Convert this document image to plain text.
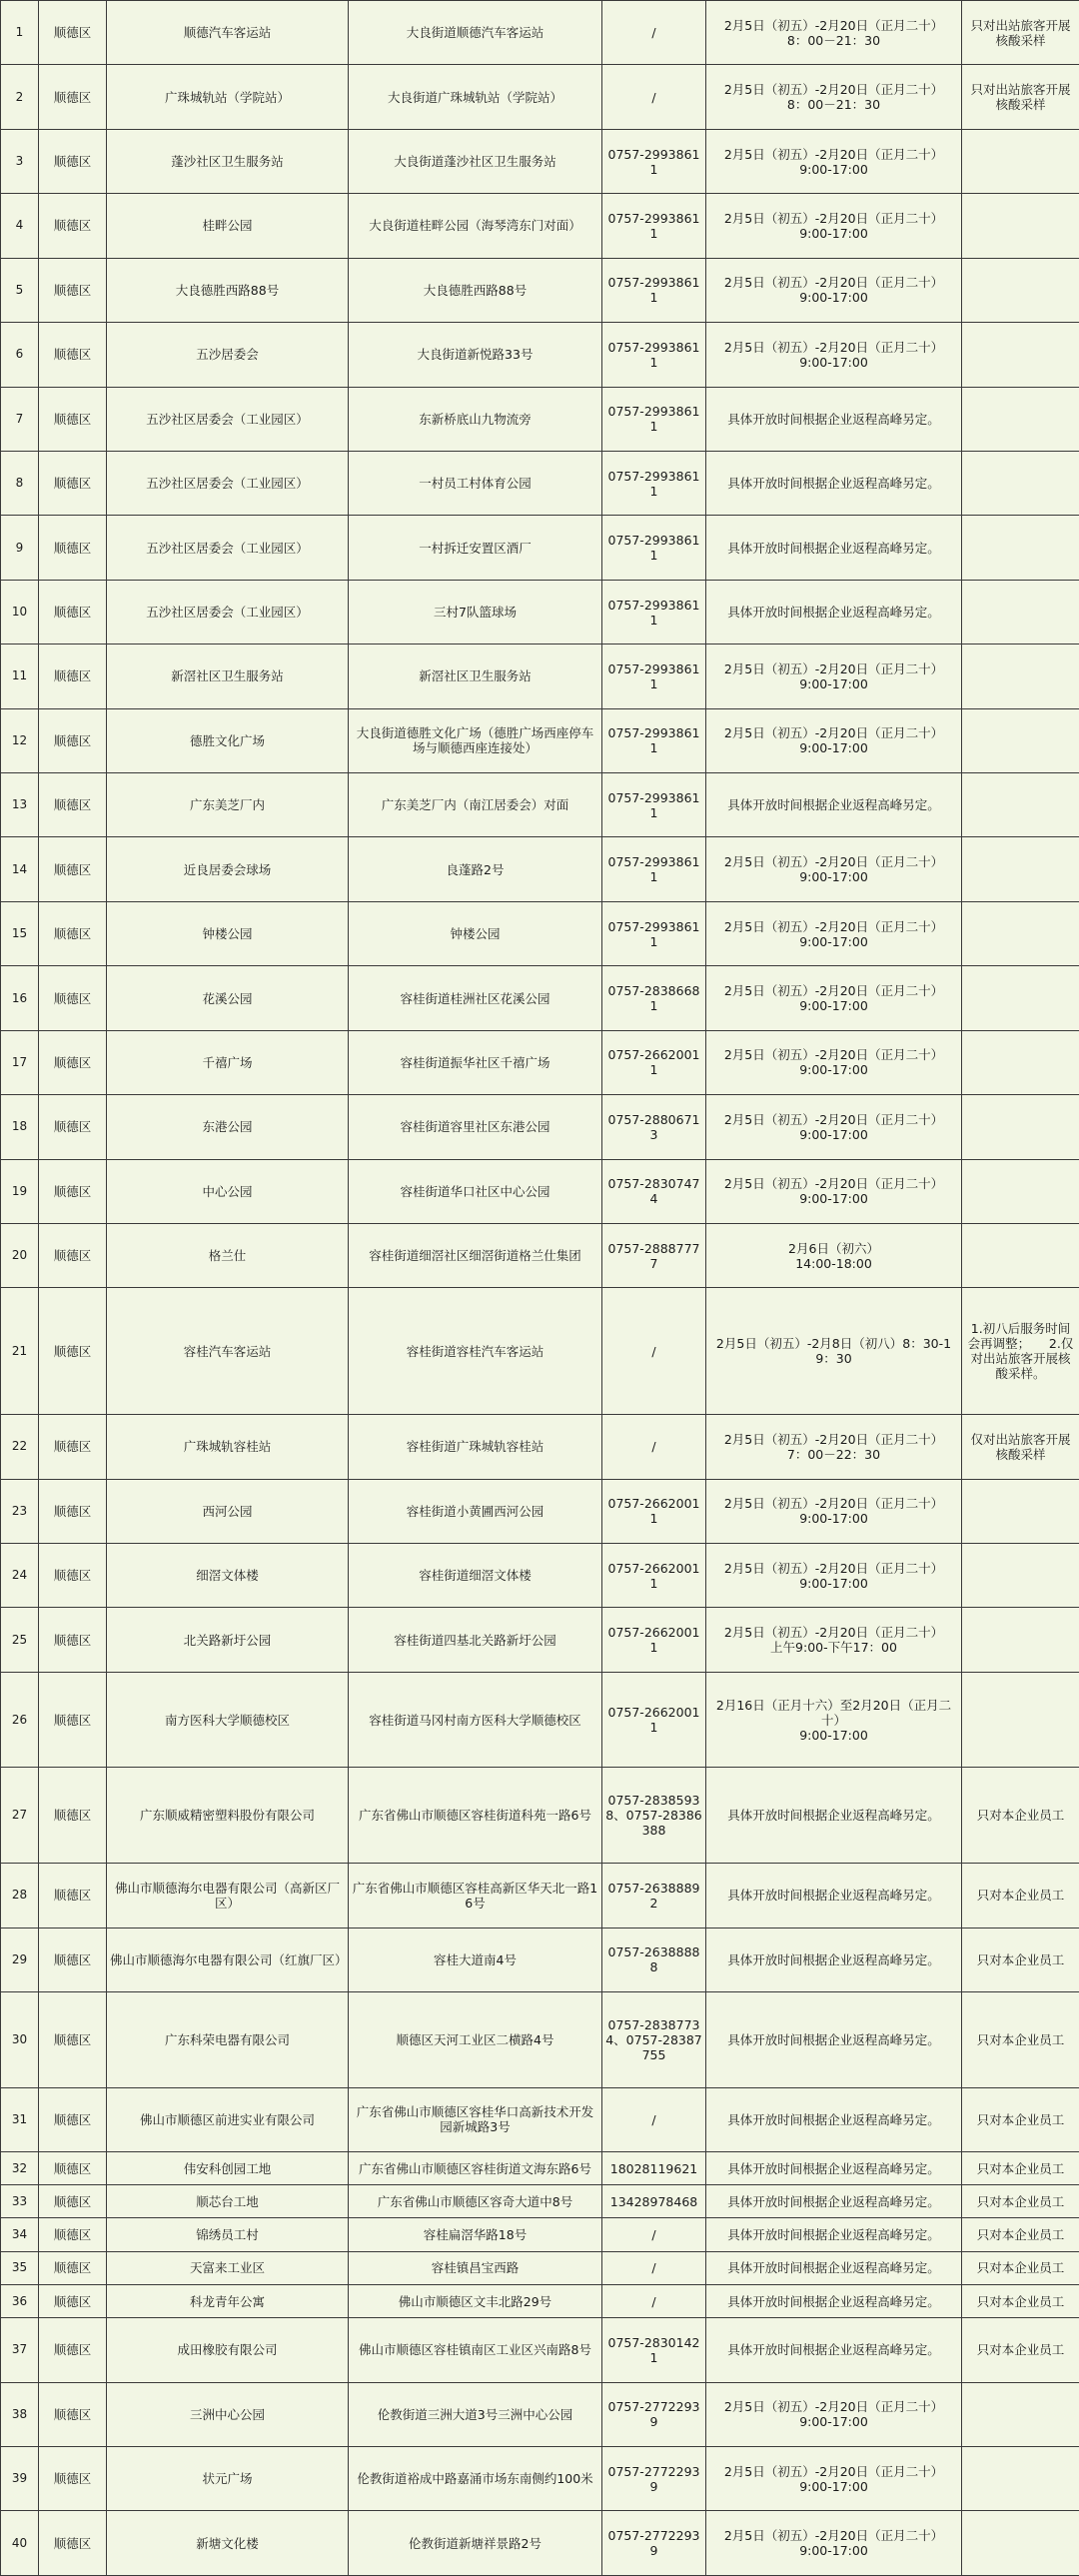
1	顺德区	顺德汽车客运站	大良街道顺德汽车客运站	/	2月5日（初五）-2月20日（正月二十）
8：00－21：30	只对出站旅客开展核酸采样
2	顺德区	广珠城轨站（学院站）	大良街道广珠城轨站（学院站）	/	2月5日（初五）-2月20日（正月二十）
8：00－21：30	只对出站旅客开展核酸采样
3	顺德区	蓬沙社区卫生服务站	大良街道蓬沙社区卫生服务站	0757-29938611	2月5日（初五）-2月20日（正月二十）
9:00-17:00	
4	顺德区	桂畔公园	大良街道桂畔公园（海琴湾东门对面）	0757-29938611	2月5日（初五）-2月20日（正月二十）
9:00-17:00	
5	顺德区	大良德胜西路88号	大良德胜西路88号	0757-29938611	2月5日（初五）-2月20日（正月二十）
9:00-17:00	
6	顺德区	五沙居委会	大良街道新悦路33号	0757-29938611	2月5日（初五）-2月20日（正月二十）
9:00-17:00	
7	顺德区	五沙社区居委会（工业园区）	东新桥底山九物流旁	0757-29938611	具体开放时间根据企业返程高峰另定。	
8	顺德区	五沙社区居委会（工业园区）	一村员工村体育公园	0757-29938611	具体开放时间根据企业返程高峰另定。	
9	顺德区	五沙社区居委会（工业园区）	一村拆迁安置区酒厂	0757-29938611	具体开放时间根据企业返程高峰另定。	
10	顺德区	五沙社区居委会（工业园区）	三村7队篮球场	0757-29938611	具体开放时间根据企业返程高峰另定。	
11	顺德区	新滘社区卫生服务站	新滘社区卫生服务站	0757-29938611	2月5日（初五）-2月20日（正月二十）
9:00-17:00	
12	顺德区	德胜文化广场	大良街道德胜文化广场（德胜广场西座停车场与顺德西座连接处）	0757-29938611	2月5日（初五）-2月20日（正月二十）
9:00-17:00	
13	顺德区	广东美芝厂内	广东美芝厂内（南江居委会）对面	0757-29938611	具体开放时间根据企业返程高峰另定。	
14	顺德区	近良居委会球场	良蓬路2号	0757-29938611	2月5日（初五）-2月20日（正月二十）
9:00-17:00	
15	顺德区	钟楼公园	钟楼公园	0757-29938611	2月5日（初五）-2月20日（正月二十）
9:00-17:00	
16	顺德区	花溪公园	容桂街道桂洲社区花溪公园	0757-28386681	2月5日（初五）-2月20日（正月二十）
9:00-17:00	
17	顺德区	千禧广场	容桂街道振华社区千禧广场	0757-26620011	2月5日（初五）-2月20日（正月二十）
9:00-17:00	
18	顺德区	东港公园	容桂街道容里社区东港公园	0757-28806713	2月5日（初五）-2月20日（正月二十）
9:00-17:00	
19	顺德区	中心公园	容桂街道华口社区中心公园	0757-28307474	2月5日（初五）-2月20日（正月二十）
9:00-17:00	
20	顺德区	格兰仕	容桂街道细滘社区细滘街道格兰仕集团	0757-28887777	2月6日（初六）
14:00-18:00	
21	顺德区	容桂汽车客运站	容桂街道容桂汽车客运站	/	2月5日（初五）-2月8日（初八）8：30-19：30	1.初八后服务时间会再调整；　　2.仅对出站旅客开展核酸采样。
22	顺德区	广珠城轨容桂站	容桂街道广珠城轨容桂站	/	2月5日（初五）-2月20日（正月二十）
7：00－22：30	仅对出站旅客开展核酸采样
23	顺德区	西河公园	容桂街道小黄圃西河公园	0757-26620011	2月5日（初五）-2月20日（正月二十）
9:00-17:00	
24	顺德区	细滘文体楼	容桂街道细滘文体楼	0757-26620011	2月5日（初五）-2月20日（正月二十）
9:00-17:00	
25	顺德区	北关路新圩公园	容桂街道四基北关路新圩公园	0757-26620011	2月5日（初五）-2月20日（正月二十）
上午9:00-下午17：00	
26	顺德区	南方医科大学顺德校区	容桂街道马冈村南方医科大学顺德校区	0757-26620011	2月16日（正月十六）至2月20日（正月二十）
9:00-17:00	
27	顺德区	广东顺威精密塑料股份有限公司	广东省佛山市顺德区容桂街道科苑一路6号	0757-28385938、0757-28386388	具体开放时间根据企业返程高峰另定。	只对本企业员工
28	顺德区	佛山市顺德海尔电器有限公司（高新区厂区）	广东省佛山市顺德区容桂高新区华天北一路16号	0757-26388892	具体开放时间根据企业返程高峰另定。	只对本企业员工
29	顺德区	佛山市顺德海尔电器有限公司（红旗厂区）	容桂大道南4号	0757-26388888	具体开放时间根据企业返程高峰另定。	只对本企业员工
30	顺德区	广东科荣电器有限公司	顺德区天河工业区二横路4号	0757-28387734、0757-28387755	具体开放时间根据企业返程高峰另定。	只对本企业员工
31	顺德区	佛山市顺德区前进实业有限公司	广东省佛山市顺德区容桂华口高新技术开发园新城路3号	/	具体开放时间根据企业返程高峰另定。	只对本企业员工
32	顺德区	伟安科创园工地	广东省佛山市顺德区容桂街道文海东路6号	18028119621	具体开放时间根据企业返程高峰另定。	只对本企业员工
33	顺德区	顺芯台工地	广东省佛山市顺德区容奇大道中8号	13428978468	具体开放时间根据企业返程高峰另定。	只对本企业员工
34	顺德区	锦绣员工村	容桂扁滘华路18号	/	具体开放时间根据企业返程高峰另定。	只对本企业员工
35	顺德区	天富来工业区	容桂镇昌宝西路	/	具体开放时间根据企业返程高峰另定。	只对本企业员工
36	顺德区	科龙青年公寓	佛山市顺德区文丰北路29号	/	具体开放时间根据企业返程高峰另定。	只对本企业员工
37	顺德区	成田橡胶有限公司	佛山市顺德区容桂镇南区工业区兴南路8号	0757-28301421	具体开放时间根据企业返程高峰另定。	只对本企业员工
38	顺德区	三洲中心公园	伦教街道三洲大道3号三洲中心公园	0757-27722939	2月5日（初五）-2月20日（正月二十）
9:00-17:00	
39	顺德区	状元广场	伦教街道裕成中路嘉涌市场东南侧约100米	0757-27722939	2月5日（初五）-2月20日（正月二十）
9:00-17:00	
40	顺德区	新塘文化楼	伦教街道新塘祥景路2号	0757-27722939	2月5日（初五）-2月20日（正月二十）
9:00-17:00	
